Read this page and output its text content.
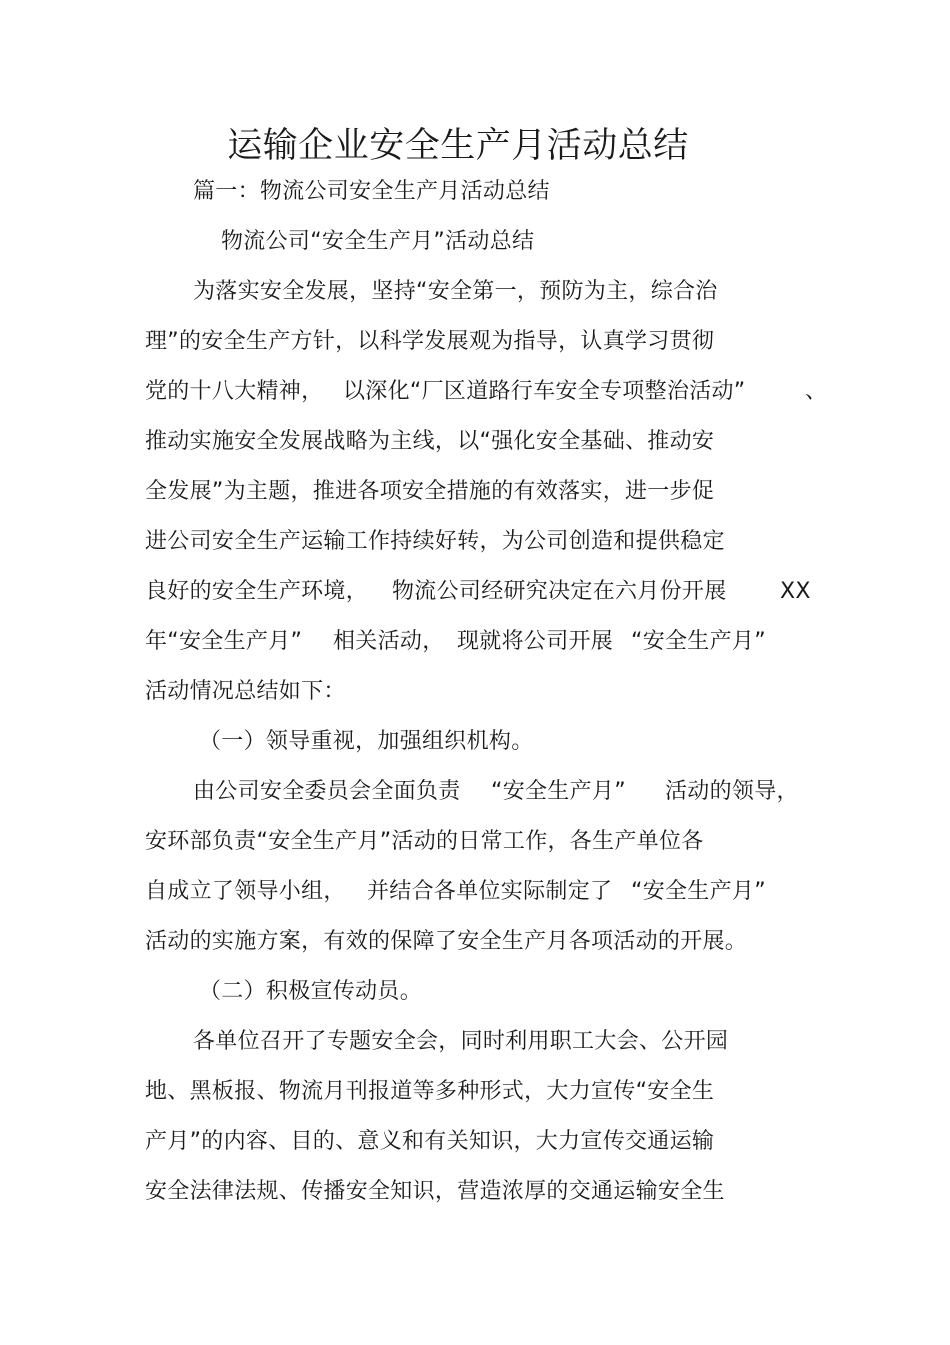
运输企业安全生产月活动总结
篇一：物流公司安全生产月活动总结
物流公司“安全生产月”活动总结
为落实安全发展，坚持“安全第一，预防为主，综合治
理”的安全生产方针，以科学发展观为指导，认真学习贯彻
党的十八大精神， 以深化“厂区道路行车安全专项整治活动”	、
推动实施安全发展战略为主线，以“强化安全基础、推动安
全发展”为主题，推进各项安全措施的有效落实，进一步促
进公司安全生产运输工作持续好转，为公司创造和提供稳定
良好的安全生产环境， 物流公司经研究决定在六月份开展 XX
年“安全生产月” 相关活动， 现就将公司开展 “安全生产月”
活动情况总结如下：
（一）领导重视，加强组织机构。
由公司安全委员会全面负责 “安全生产月” 活动的领导，
安环部负责“安全生产月”活动的日常工作，各生产单位各
自成立了领导小组， 并结合各单位实际制定了 “安全生产月”
活动的实施方案，有效的保障了安全生产月各项活动的开展。
（二）积极宣传动员。
各单位召开了专题安全会，同时利用职工大会、公开园
地、黑板报、物流月刊报道等多种形式，大力宣传“安全生
产月”的内容、目的、意义和有关知识，大力宣传交通运输
安全法律法规、传播安全知识，营造浓厚的交通运输安全生
